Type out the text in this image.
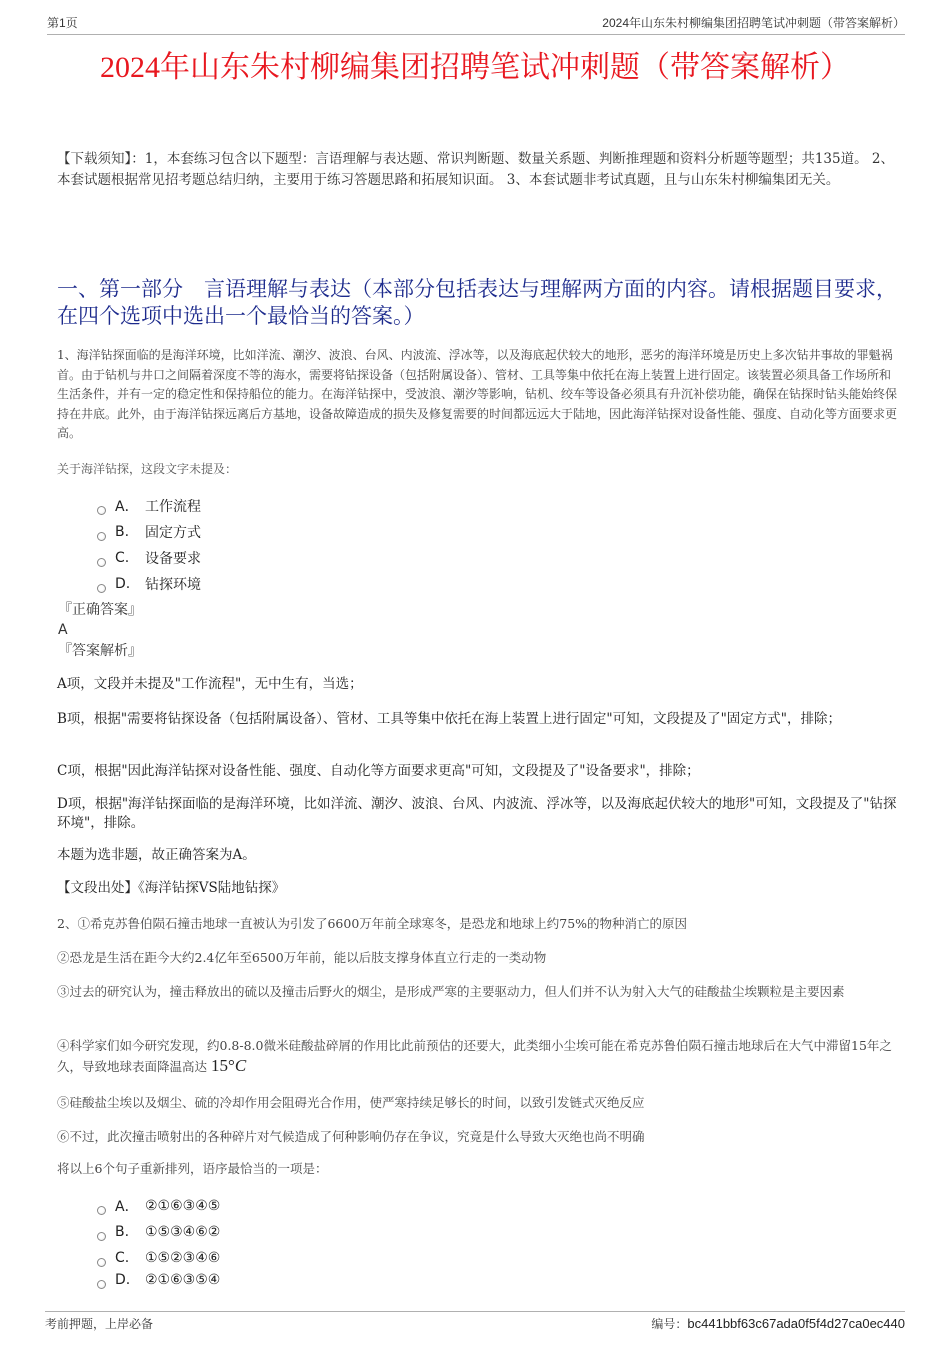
第1页	2024年山东朱村柳编集团招聘笔试冲刺题（带答案解析）
2024年山东朱村柳编集团招聘笔试冲刺题（带答案解析）
【下载须知】：1，本套练习包含以下题型：言语理解与表达题、常识判断题、数量关系题、判断推理题和资料分析题等题型；共135道。 2、本套试题根据常见招考题总结归纳，主要用于练习答题思路和拓展知识面。 3、本套试题非考试真题，且与山东朱村柳编集团无关。
一、第一部分　言语理解与表达（本部分包括表达与理解两方面的内容。请根据题目要求，在四个选项中选出一个最恰当的答案。）
1、海洋钻探面临的是海洋环境，比如洋流、潮汐、波浪、台风、内波流、浮冰等，以及海底起伏较大的地形，恶劣的海洋环境是历史上多次钻井事故的罪魁祸首。由于钻机与井口之间隔着深度不等的海水，需要将钻探设备（包括附属设备）、管材、工具等集中依托在海上装置上进行固定。该装置必须具备工作场所和生活条件，并有一定的稳定性和保持船位的能力。在海洋钻探中，受波浪、潮汐等影响，钻机、绞车等设备必须具有升沉补偿功能，确保在钻探时钻头能始终保持在井底。此外，由于海洋钻探远离后方基地，设备故障造成的损失及修复需要的时间都远远大于陆地，因此海洋钻探对设备性能、强度、自动化等方面要求更高。
关于海洋钻探，这段文字未提及：
A． 工作流程
B.	固定方式
C.	设备要求
D.	钻探环境
『正确答案』
A
『答案解析』

A项，文段并未提及"工作流程"，无中生有，当选；

B项，根据"需要将钻探设备（包括附属设备）、管材、工具等集中依托在海上装置上进行固定"可知，文段提及了"固定方式"，排除；

C项，根据"因此海洋钻探对设备性能、强度、自动化等方面要求更高"可知，文段提及了"设备要求"，排除；

D项，根据"海洋钻探面临的是海洋环境，比如洋流、潮汐、波浪、台风、内波流、浮冰等，以及海底起伏较大的地形"可知，文段提及了"钻探环境"，排除。

本题为选非题，故正确答案为A。

【文段出处】《海洋钻探VS陆地钻探》

2、①希克苏鲁伯陨石撞击地球一直被认为引发了6600万年前全球寒冬，是恐龙和地球上约75%的物种消亡的原因
②恐龙是生活在距今大约2.4亿年至6500万年前，能以后肢支撑身体直立行走的一类动物
③过去的研究认为，撞击释放出的硫以及撞击后野火的烟尘，是形成严寒的主要驱动力，但人们并不认为射入大气的硅酸盐尘埃颗粒是主要因素
④科学家们如今研究发现，约0.8-8.0微米硅酸盐碎屑的作用比此前预估的还要大，此类细小尘埃可能在希克苏鲁伯陨石撞击地球后在大气中滞留15年之久，导致地球表面降温高达 15°C
⑤硅酸盐尘埃以及烟尘、硫的冷却作用会阻碍光合作用，使严寒持续足够长的时间，以致引发链式灭绝反应
⑥不过，此次撞击喷射出的各种碎片对气候造成了何种影响仍存在争议，究竟是什么导致大灭绝也尚不明确
将以上6个句子重新排列，语序最恰当的一项是：
A． ②①⑥③④⑤
B.	①⑤③④⑥②
C.	①⑤②③④⑥
D.	②①⑥③⑤④
考前押题，上岸必备	编号：bc441bbf63c67ada0f5f4d27ca0ec440
